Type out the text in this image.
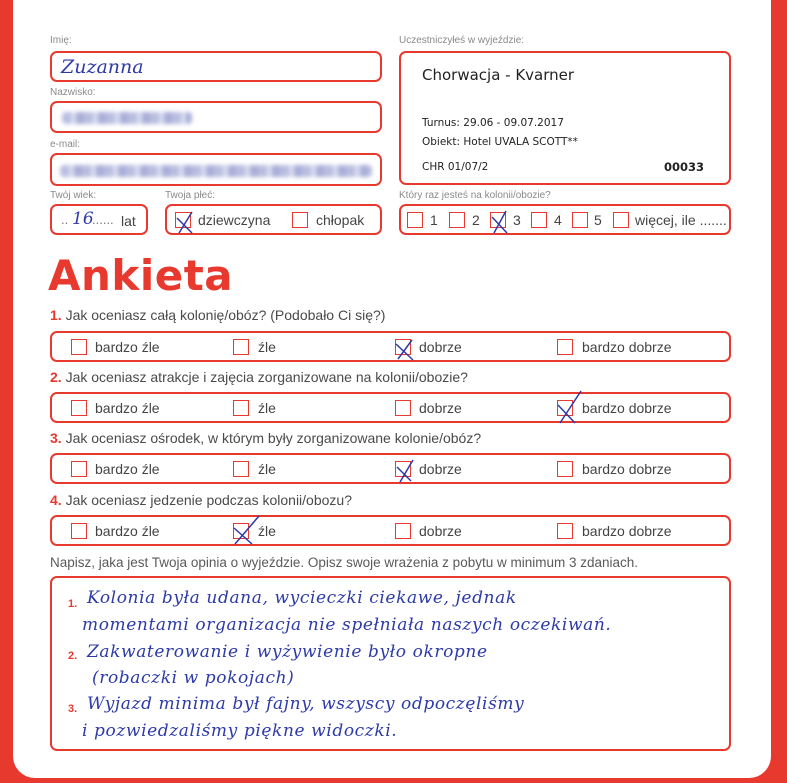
Imię:
Zuzanna
Nazwisko:
e-mail:
Twój wiek:
.. 16
...... lat
Twoja płeć:
dziewczyna	chłopak
Uczestniczyłeś w wyjeździe:
Chorwacja - Kvarner
Turnus: 29.06 - 09.07.2017
Obiekt: Hotel UVALA SCOTT**
CHR 01/07/2	00033
Który raz jesteś na kolonii/obozie?
1 2 3 4 5 więcej, ile .......
Ankieta
1. Jak oceniasz całą kolonię/obóz? (Podobało Ci się?)
bardzo źle	źle	dobrze	bardzo dobrze
2. Jak oceniasz atrakcje i zajęcia zorganizowane na kolonii/obozie?
bardzo źle	źle	dobrze	bardzo dobrze
3. Jak oceniasz ośrodek, w którym były zorganizowane kolonie/obóz?
bardzo źle	źle	dobrze	bardzo dobrze
4. Jak oceniasz jedzenie podczas kolonii/obozu?
bardzo źle	źle	dobrze	bardzo dobrze
Napisz, jaka jest Twoja opinia o wyjeździe. Opisz swoje wrażenia z pobytu w minimum 3 zdaniach.
1. Kolonia była udana, wycieczki ciekawe, jednak
momentami organizacja nie spełniała naszych oczekiwań.
2. Zakwaterowanie i wyżywienie było okropne
(robaczki w pokojach)
3. Wyjazd minima był fajny, wszyscy odpoczęliśmy
i pozwiedzaliśmy piękne widoczki.
